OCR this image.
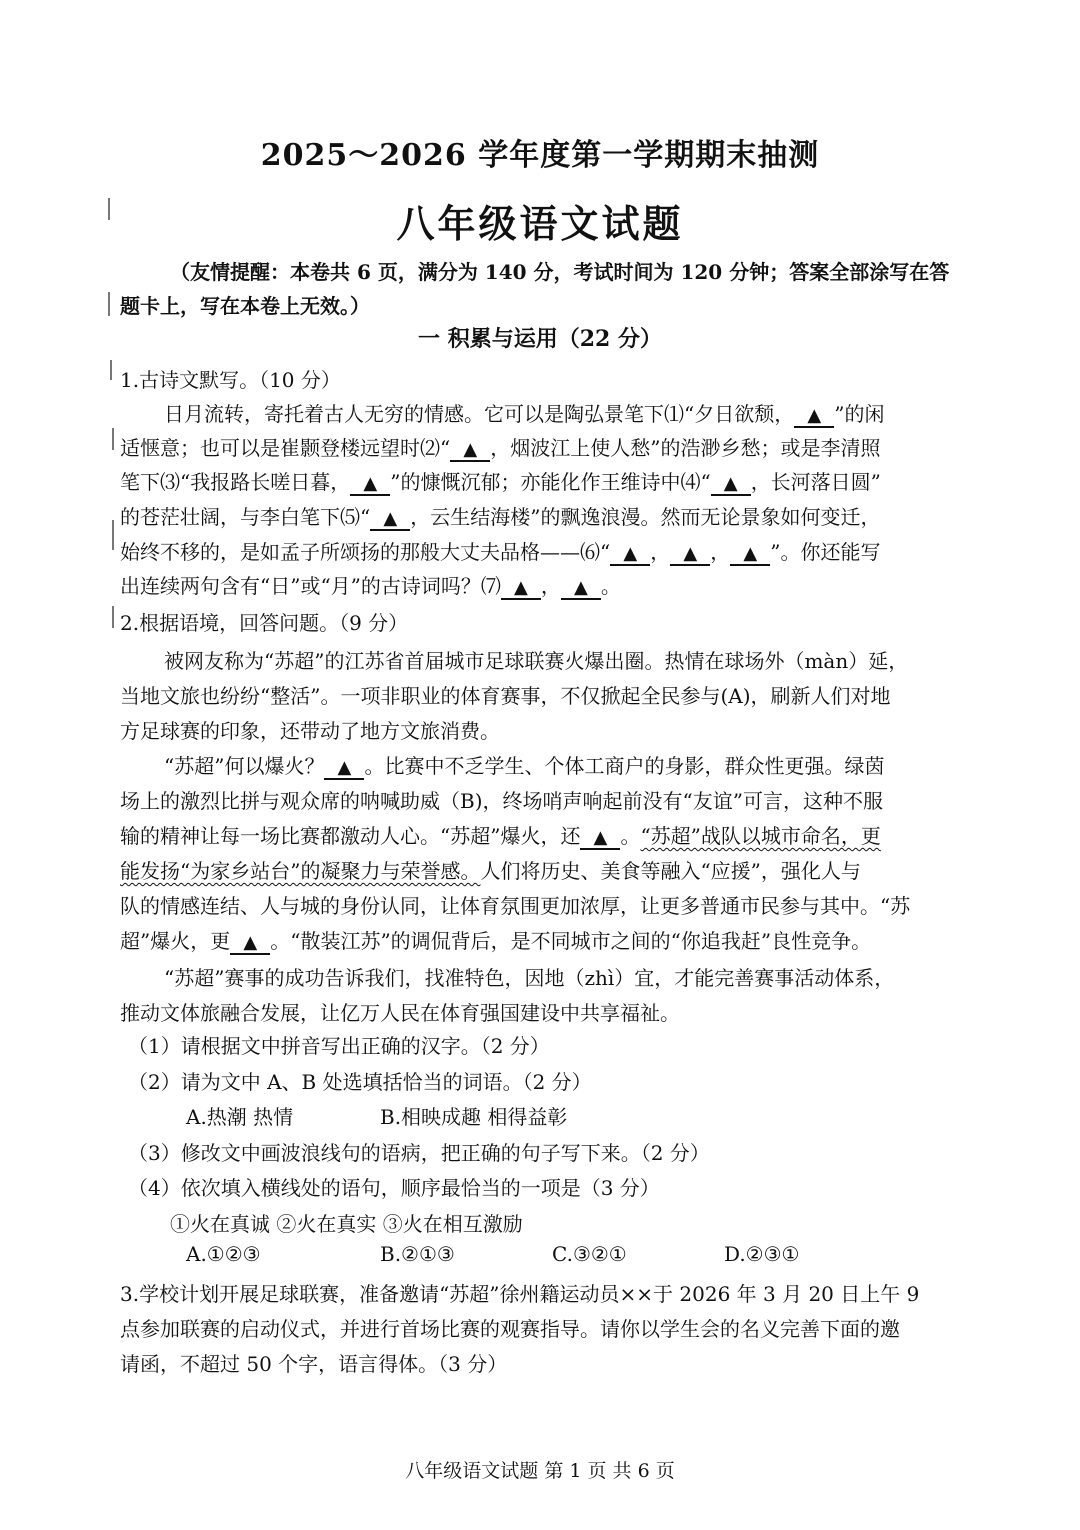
2025～2026 学年度第一学期期末抽测
八年级语文试题
（友情提醒：本卷共 6 页，满分为 140 分，考试时间为 120 分钟；答案全部涂写在答
题卡上，写在本卷上无效。）
一 积累与运用（22 分）
1.古诗文默写。（10 分）
日月流转，寄托着古人无穷的情感。它可以是陶弘景笔下⑴“夕日欲颓， ▲ ”的闲
适惬意；也可以是崔颢登楼远望时⑵“ ▲ ，烟波江上使人愁”的浩渺乡愁；或是李清照
笔下⑶“我报路长嗟日暮， ▲ ”的慷慨沉郁；亦能化作王维诗中⑷“ ▲ ，长河落日圆”
的苍茫壮阔，与李白笔下⑸“ ▲ ，云生结海楼”的飘逸浪漫。然而无论景象如何变迁，
始终不移的，是如孟子所颂扬的那般大丈夫品格——⑹“ ▲ ， ▲ ， ▲ ”。你还能写
出连续两句含有“日”或“月”的古诗词吗？⑺ ▲ ， ▲ 。
2.根据语境，回答问题。（9 分）
被网友称为“苏超”的江苏省首届城市足球联赛火爆出圈。热情在球场外（màn）延，
当地文旅也纷纷“整活”。一项非职业的体育赛事，不仅掀起全民参与(A)，刷新人们对地
方足球赛的印象，还带动了地方文旅消费。
“苏超”何以爆火？ ▲ 。比赛中不乏学生、个体工商户的身影，群众性更强。绿茵
场上的激烈比拼与观众席的呐喊助威（B)，终场哨声响起前没有“友谊”可言，这种不服
输的精神让每一场比赛都激动人心。“苏超”爆火，还 ▲ 。“苏超”战队以城市命名，更
能发扬“为家乡站台”的凝聚力与荣誉感。人们将历史、美食等融入“应援”，强化人与
队的情感连结、人与城的身份认同，让体育氛围更加浓厚，让更多普通市民参与其中。“苏
超”爆火，更 ▲ 。“散装江苏”的调侃背后，是不同城市之间的“你追我赶”良性竞争。
“苏超”赛事的成功告诉我们，找准特色，因地（zhì）宜，才能完善赛事活动体系，
推动文体旅融合发展，让亿万人民在体育强国建设中共享福祉。
（1）请根据文中拼音写出正确的汉字。（2 分）
（2）请为文中 A、B 处选填括恰当的词语。（2 分）
A.热潮 热情	B.相映成趣 相得益彰
（3）修改文中画波浪线句的语病，把正确的句子写下来。（2 分）
（4）依次填入横线处的语句，顺序最恰当的一项是（3 分）
①火在真诚 ②火在真实 ③火在相互激励
A.①②③	B.②①③	C.③②①	D.②③①
3.学校计划开展足球联赛，准备邀请“苏超”徐州籍运动员××于 2026 年 3 月 20 日上午 9
点参加联赛的启动仪式，并进行首场比赛的观赛指导。请你以学生会的名义完善下面的邀
请函，不超过 50 个字，语言得体。（3 分）
八年级语文试题 第 1 页 共 6 页
